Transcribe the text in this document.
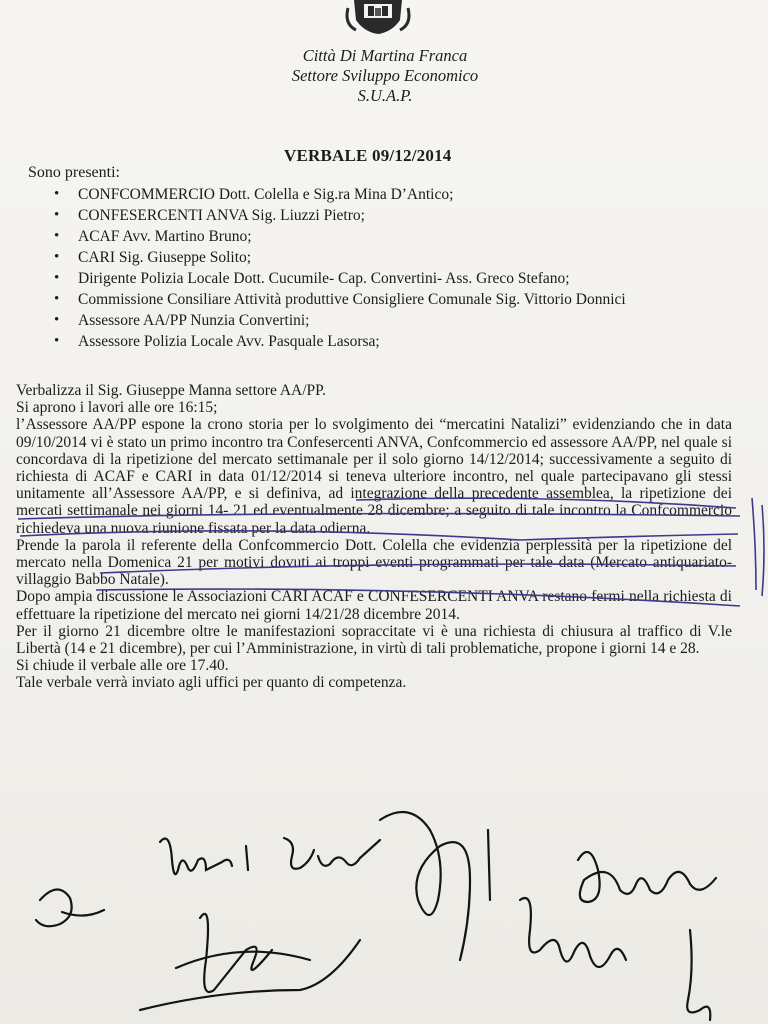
Città Di Martina Franca
Settore Sviluppo Economico
S.U.A.P.
VERBALE 09/12/2014
Sono presenti:
• CONFCOMMERCIO Dott. Colella e Sig.ra Mina D’Antico;
• CONFESERCENTI ANVA Sig. Liuzzi Pietro;
• ACAF Avv. Martino Bruno;
• CARI Sig. Giuseppe Solito;
• Dirigente Polizia Locale Dott. Cucumile- Cap. Convertini- Ass. Greco Stefano;
• Commissione Consiliare Attività produttive Consigliere Comunale Sig. Vittorio Donnici
• Assessore AA/PP Nunzia Convertini;
• Assessore Polizia Locale Avv. Pasquale Lasorsa;

Verbalizza il Sig. Giuseppe Manna settore AA/PP.

Si aprono i lavori alle ore 16:15;

l’Assessore AA/PP espone la crono storia per lo svolgimento dei “mercatini Natalizi” evidenziando che in data 09/10/2014 vi è stato un primo incontro tra Confesercenti ANVA, Confcommercio ed assessore AA/PP, nel quale si concordava di la ripetizione del mercato settimanale per il solo giorno 14/12/2014; successivamente a seguito di richiesta di ACAF e CARI in data 01/12/2014 si teneva ulteriore incontro, nel quale partecipavano gli stessi unitamente all’Assessore AA/PP, e si definiva, ad integrazione della precedente assemblea, la ripetizione dei mercati settimanale nei giorni 14- 21 ed eventualmente 28 dicembre; a seguito di tale incontro la Confcommercio richiedeva una nuova riunione fissata per la data odierna.

Prende la parola il referente della Confcommercio Dott. Colella che evidenzia perplessità per la ripetizione del mercato nella Domenica 21 per motivi dovuti ai troppi eventi programmati per tale data (Mercato antiquariato-villaggio Babbo Natale).

Dopo ampia discussione le Associazioni CARI ACAF e CONFESERCENTI ANVA restano fermi nella richiesta di effettuare la ripetizione del mercato nei giorni 14/21/28 dicembre 2014.

Per il giorno 21 dicembre oltre le manifestazioni sopraccitate vi è una richiesta di chiusura al traffico di V.le Libertà (14 e 21 dicembre), per cui l’Amministrazione, in virtù di tali problematiche, propone i giorni 14 e 28.

Si chiude il verbale alle ore 17.40.

Tale verbale verrà inviato agli uffici per quanto di competenza.
